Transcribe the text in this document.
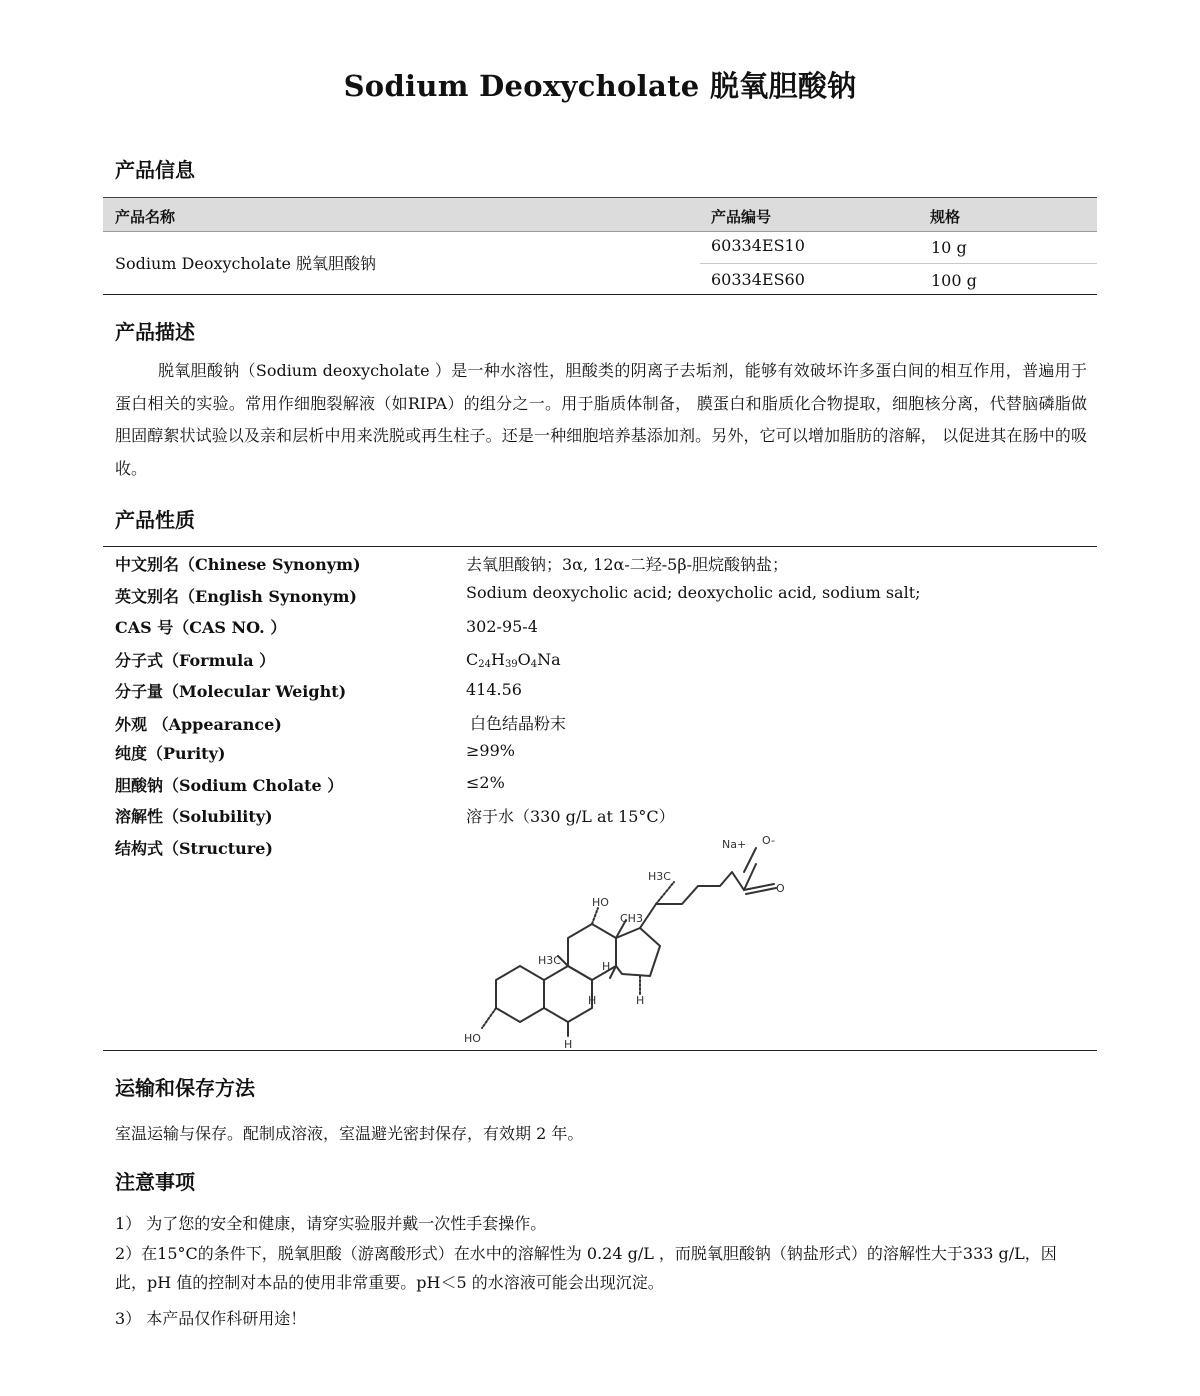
Sodium Deoxycholate 脱氧胆酸钠
产品信息
产品名称	产品编号	规格
Sodium Deoxycholate 脱氧胆酸钠
60334ES10	10 g
60334ES60	100 g
产品描述
脱氧胆酸钠（Sodium deoxycholate ）是一种水溶性，胆酸类的阴离子去垢剂，能够有效破坏许多蛋白间的相互作用，普遍用于蛋白相关的实验。常用作细胞裂解液（如RIPA）的组分之一。用于脂质体制备， 膜蛋白和脂质化合物提取，细胞核分离，代替脑磷脂做胆固醇絮状试验以及亲和层析中用来洗脱或再生柱子。还是一种细胞培养基添加剂。另外，它可以增加脂肪的溶解， 以促进其在肠中的吸收。
产品性质
中文别名（Chinese Synonym)	去氧胆酸钠；3α, 12α-二羟-5β-胆烷酸钠盐；
英文别名（English Synonym)	Sodium deoxycholic acid; deoxycholic acid, sodium salt;
CAS 号（CAS NO. ）	302-95-4
分子式（Formula ）	$C_{24}H_{39}O_4Na$
分子量（Molecular Weight)	414.56
外观 （Appearance)	白色结晶粉末
纯度（Purity)	≥99%
胆酸钠（Sodium Cholate ）	≤2%
溶解性（Solubility)	溶于水（330 g/L at 15°C）
结构式（Structure)	Na+ O-
O
H3C
HO
CH3
H3C
H
H
H
H
HO
运输和保存方法
室温运输与保存。配制成溶液，室温避光密封保存，有效期 2 年。
注意事项
1） 为了您的安全和健康，请穿实验服并戴一次性手套操作。
2）在15°C的条件下，脱氧胆酸（游离酸形式）在水中的溶解性为 0.24 g/L ，而脱氧胆酸钠（钠盐形式）的溶解性大于333 g/L，因此，pH 值的控制对本品的使用非常重要。pH＜5 的水溶液可能会出现沉淀。
3） 本产品仅作科研用途！
